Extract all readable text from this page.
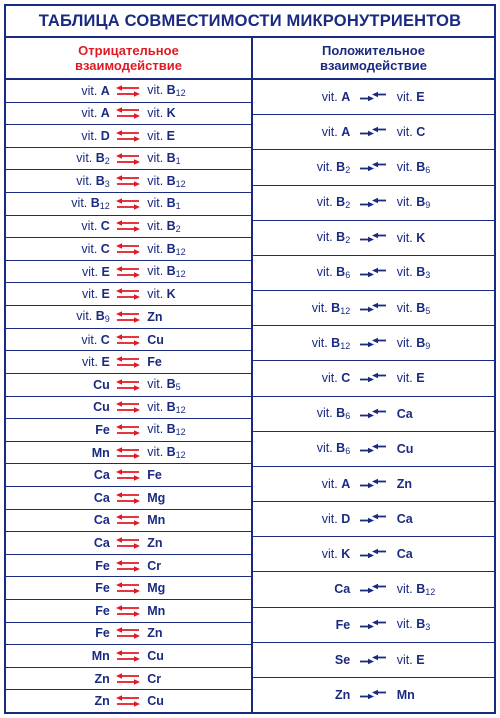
ТАБЛИЦА СОВМЕСТИМОСТИ МИКРОНУТРИЕНТОВ
Отрицательное
взаимодействие
vit. A	vit. $B_{12}$
vit. A	vit. K
vit. D	vit. E
vit. $B_2$	vit. $B_1$
vit. $B_3$	vit. $B_{12}$
vit. $B_{12}$	vit. $B_1$
vit. C	vit. $B_2$
vit. C	vit. $B_{12}$
vit. E	vit. $B_{12}$
vit. E	vit. K
vit. $B_9$	Zn
vit. C	Cu
vit. E	Fe
Cu	vit. $B_5$
Cu	vit. $B_{12}$
Fe	vit. $B_{12}$
Mn	vit. $B_{12}$
Ca	Fe
Ca	Mg
Ca	Mn
Ca	Zn
Fe	Cr
Fe	Mg
Fe	Mn
Fe	Zn
Mn	Cu
Zn	Cr
Zn	Cu
Положительное
взаимодействие
vit. A	vit. E
vit. A	vit. C
vit. $B_2$	vit. $B_6$
vit. $B_2$	vit. $B_9$
vit. $B_2$	vit. K
vit. $B_6$	vit. $B_3$
vit. $B_{12}$	vit. $B_5$
vit. $B_{12}$	vit. $B_9$
vit. C	vit. E
vit. $B_6$	Ca
vit. $B_6$	Cu
vit. A	Zn
vit. D	Ca
vit. K	Ca
Ca	vit. $B_{12}$
Fe	vit. $B_3$
Se	vit. E
Zn	Mn
